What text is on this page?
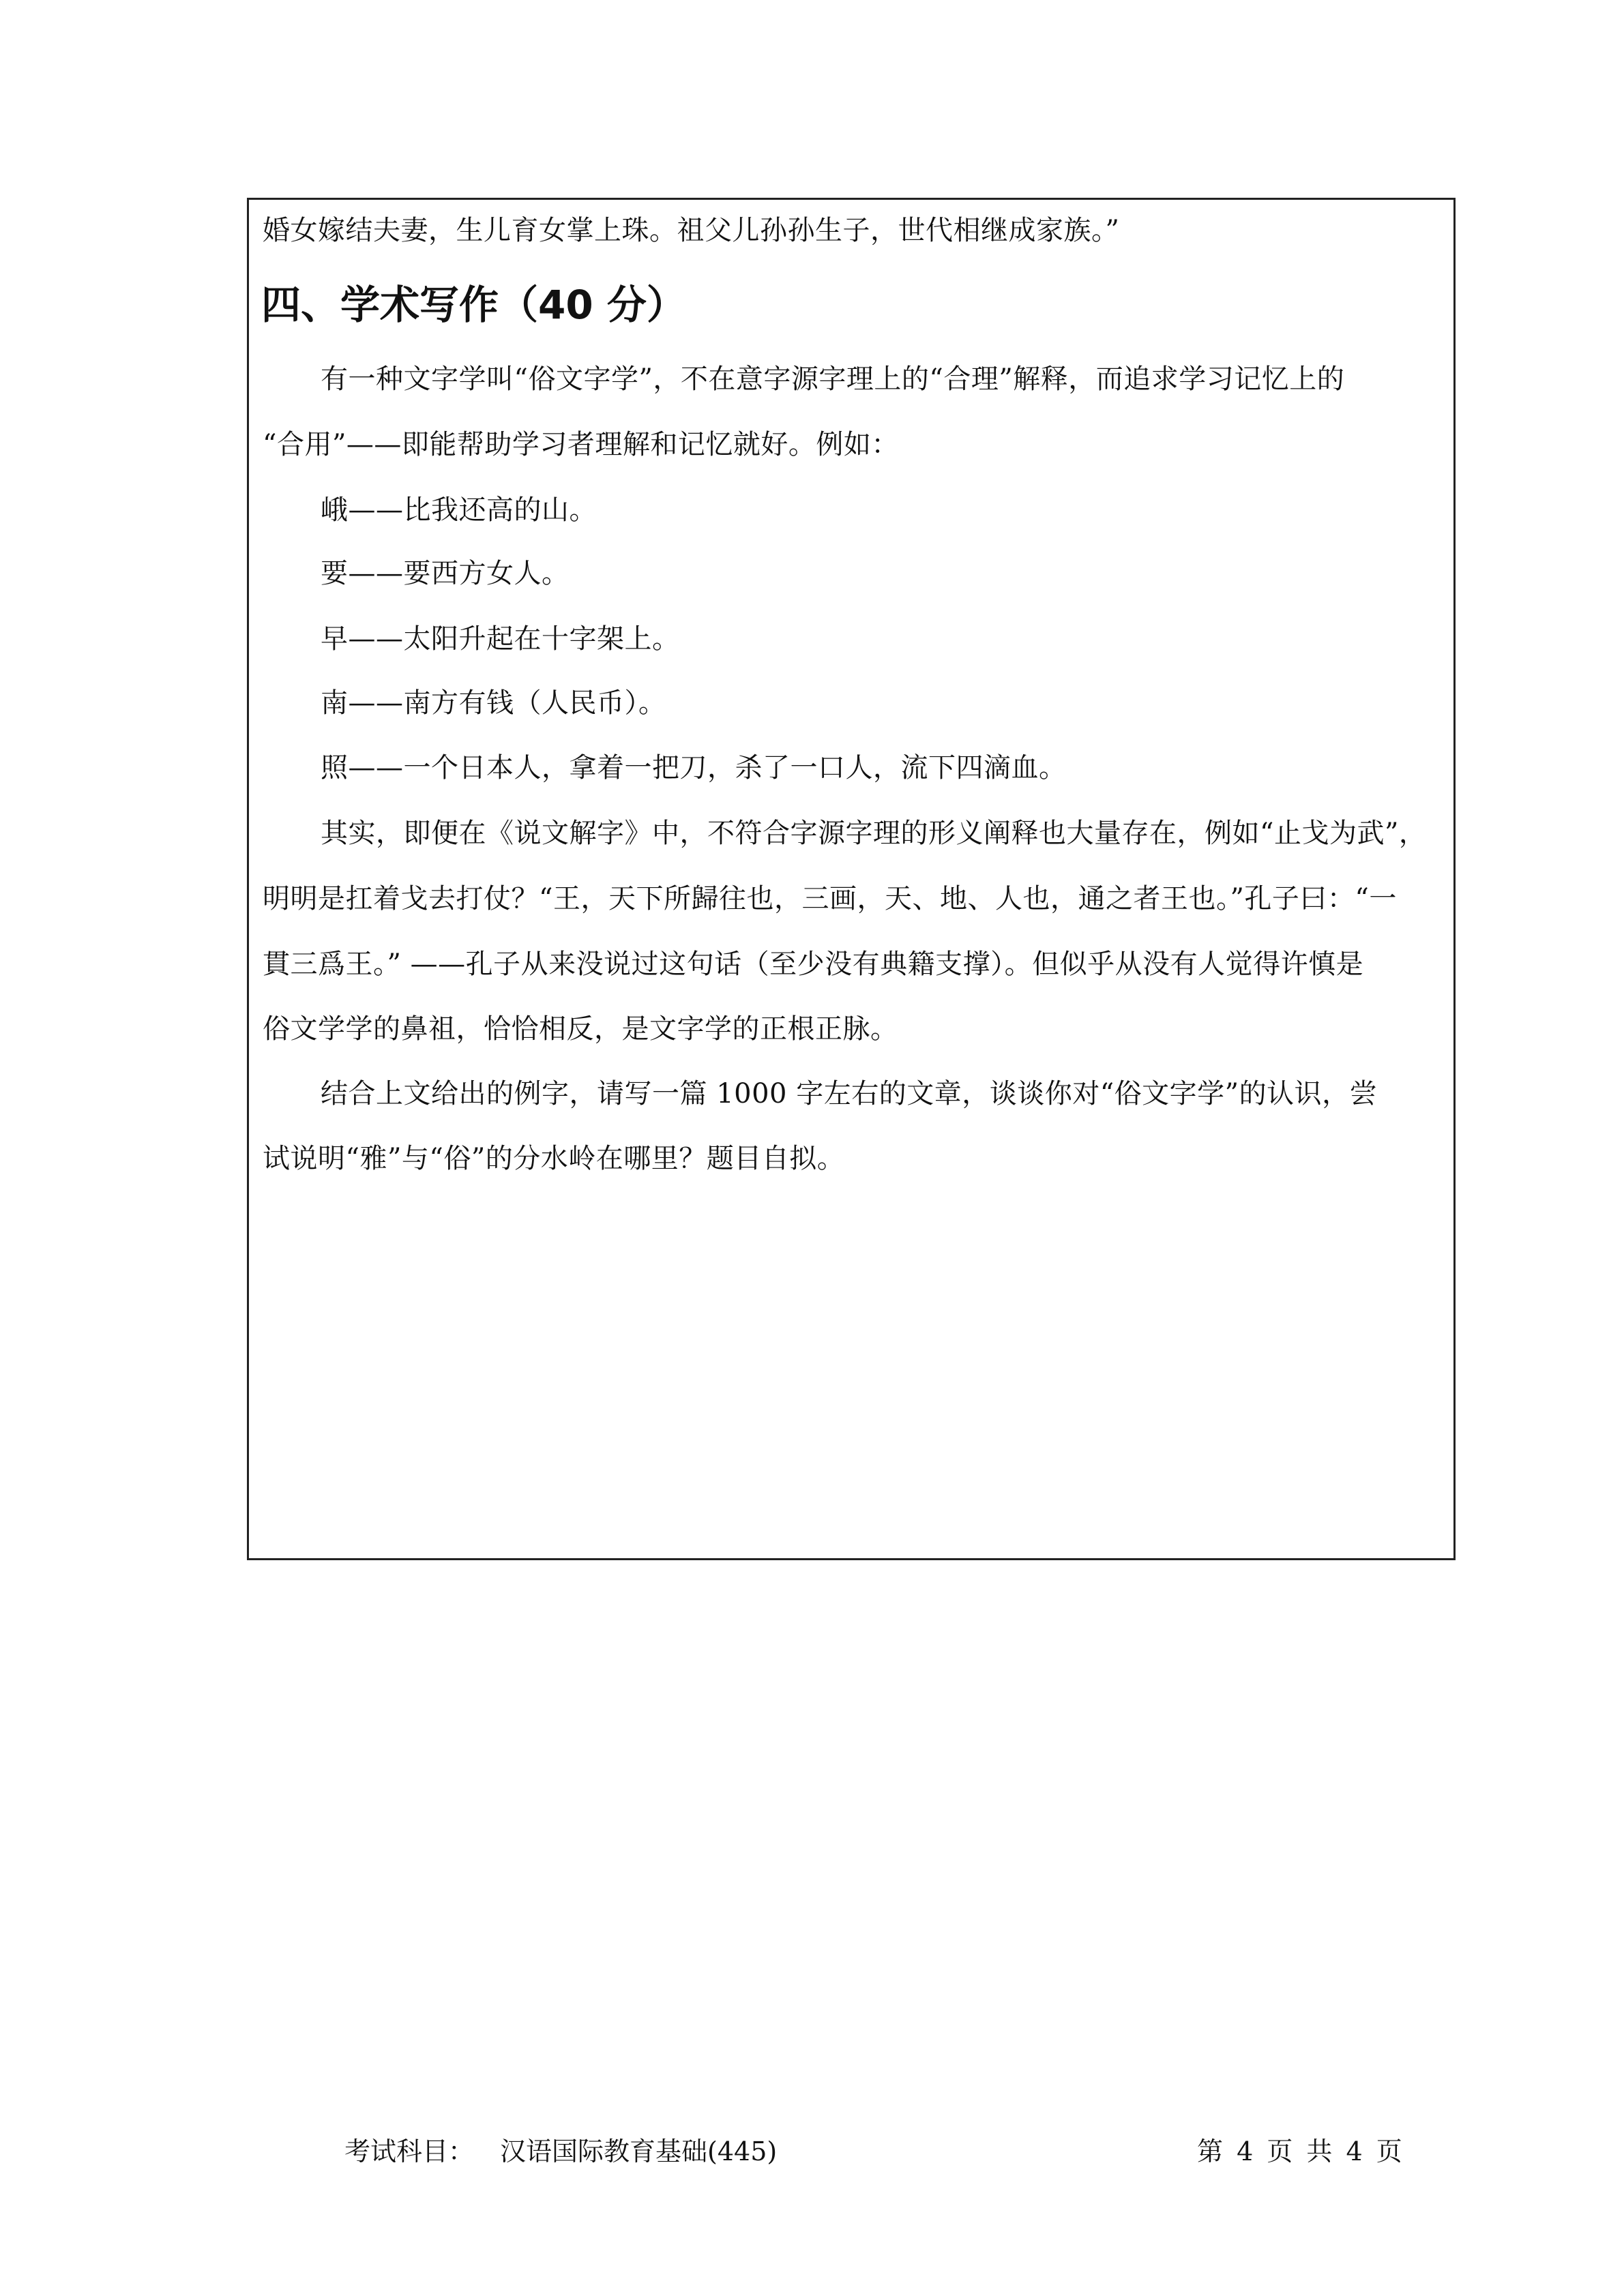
婚女嫁结夫妻，生儿育女掌上珠。祖父儿孙孙生子，世代相继成家族。”
四、学术写作（40 分）
有一种文字学叫“俗文字学”，不在意字源字理上的“合理”解释，而追求学习记忆上的
“合用”——即能帮助学习者理解和记忆就好。例如：
峨——比我还高的山。
要——要西方女人。
早——太阳升起在十字架上。
南——南方有钱（人民币）。
照——一个日本人，拿着一把刀，杀了一口人，流下四滴血。
其实，即便在《说文解字》中，不符合字源字理的形义阐释也大量存在，例如“止戈为武”，
明明是扛着戈去打仗？“王，天下所歸往也，三画，天、地、人也，通之者王也。”孔子曰：“一
貫三爲王。” ——孔子从来没说过这句话（至少没有典籍支撑）。但似乎从没有人觉得许慎是
俗文学学的鼻祖，恰恰相反，是文字学的正根正脉。
结合上文给出的例字，请写一篇 1000 字左右的文章，谈谈你对“俗文字学”的认识，尝
试说明“雅”与“俗”的分水岭在哪里？题目自拟。
考试科目： 汉语国际教育基础(445)	第 4 页 共 4 页
